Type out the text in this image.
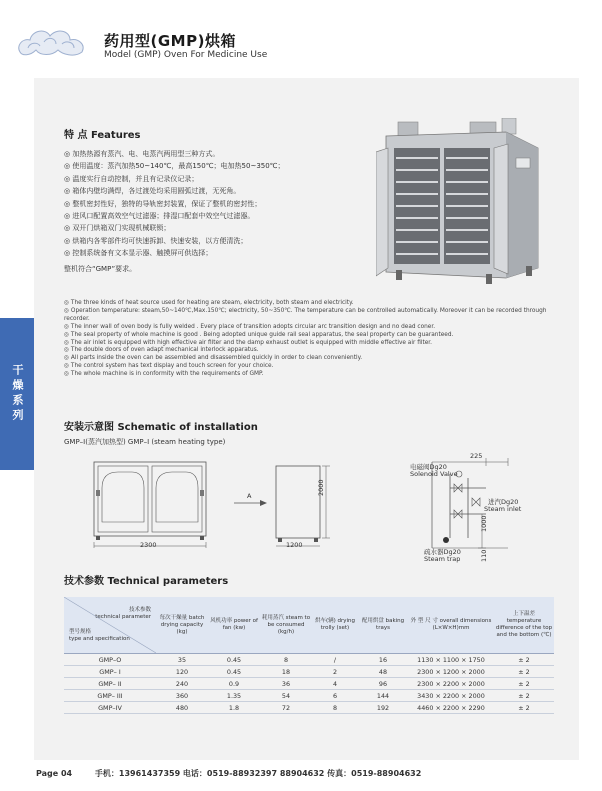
药用型(GMP)烘箱
Model (GMP) Oven For Medicine Use
干燥系列
特 点 Features
◎ 加热热源有蒸汽、电、电蒸汽两用型三种方式。
◎ 使用温度：蒸汽加热50~140℃，最高150℃；电加热50~350℃；
◎ 温度实行自动控制，并且有记录仪记录；
◎ 箱体内壁均满焊，各过渡处均采用圆弧过渡，无死角。
◎ 整机密封性好，独特的导轨密封装置，保证了整机的密封性；
◎ 进风口配置高效空气过滤器；排湿口配套中效空气过滤器。
◎ 双开门烘箱双门实现机械联锁；
◎ 烘箱内各零部件均可快速拆卸、快速安装，以方便清洗；
◎ 控制系统备有文本显示器、触摸屏可供选择；
整机符合“GMP”要求。
◎ The three kinds of heat source used for heating are steam, electricity, both steam and electricity.
◎ Operation temperature: steam,50~140℃,Max.150℃; electricity, 50~350℃. The temperature can be controlled automatically. Moreover it can be recorded through recorder.
◎ The inner wall of oven body is fully welded . Every place of transition adopts circular arc transition design and no dead coner.
◎ The seal property of whole machine is good . Being adopted unique guide rail seal apparatus, the seal property can be guaranteed.
◎ The air inlet is equipped with high effective air filter and the damp exhaust outlet is equipped with middle effective air filter.
◎ The double doors of oven adapt mechanical interlock apparatus.
◎ All parts inside the oven can be assembled and disassembled quickly in order to clean conveniently.
◎ The control system has text display and touch screen for your choice.
◎ The whole machine is in conformity with the requirements of GMP.
安装示意图 Schematic of installation
GMP–I(蒸汽加热型) GMP–I (steam heating type)
2300
A	2000
1200
225
电磁阀Dg20
Solenoid Valve
进汽Dg20
Steam inlet
疏水器Dg20
Steam trap
1000
110
技术参数 Technical parameters
技术参数
technical parameter
型号规格
type and specification	每次干燥量 batch drying capacity (kg)	风机功率 power of fan (kw)	耗用蒸汽 steam to be consumed (kg/h)	烘车(辆) drying trolly (set)	配用烘盘 baking trays	外 型 尺 寸 overall dimensions (L×W×H)mm	上下温差 temperature difference of the top and the bottom (℃)
GMP–O	35	0.45	8	/	16	1130 × 1100 × 1750	± 2
GMP– I	120	0.45	18	2	48	2300 × 1200 × 2000	± 2
GMP– II	240	0.9	36	4	96	2300 × 2200 × 2000	± 2
GMP– III	360	1.35	54	6	144	3430 × 2200 × 2000	± 2
GMP–IV	480	1.8	72	8	192	4460 × 2200 × 2290	± 2
Page 04	手机：13961437359 电话：0519-88932397 88904632 传真：0519-88904632
